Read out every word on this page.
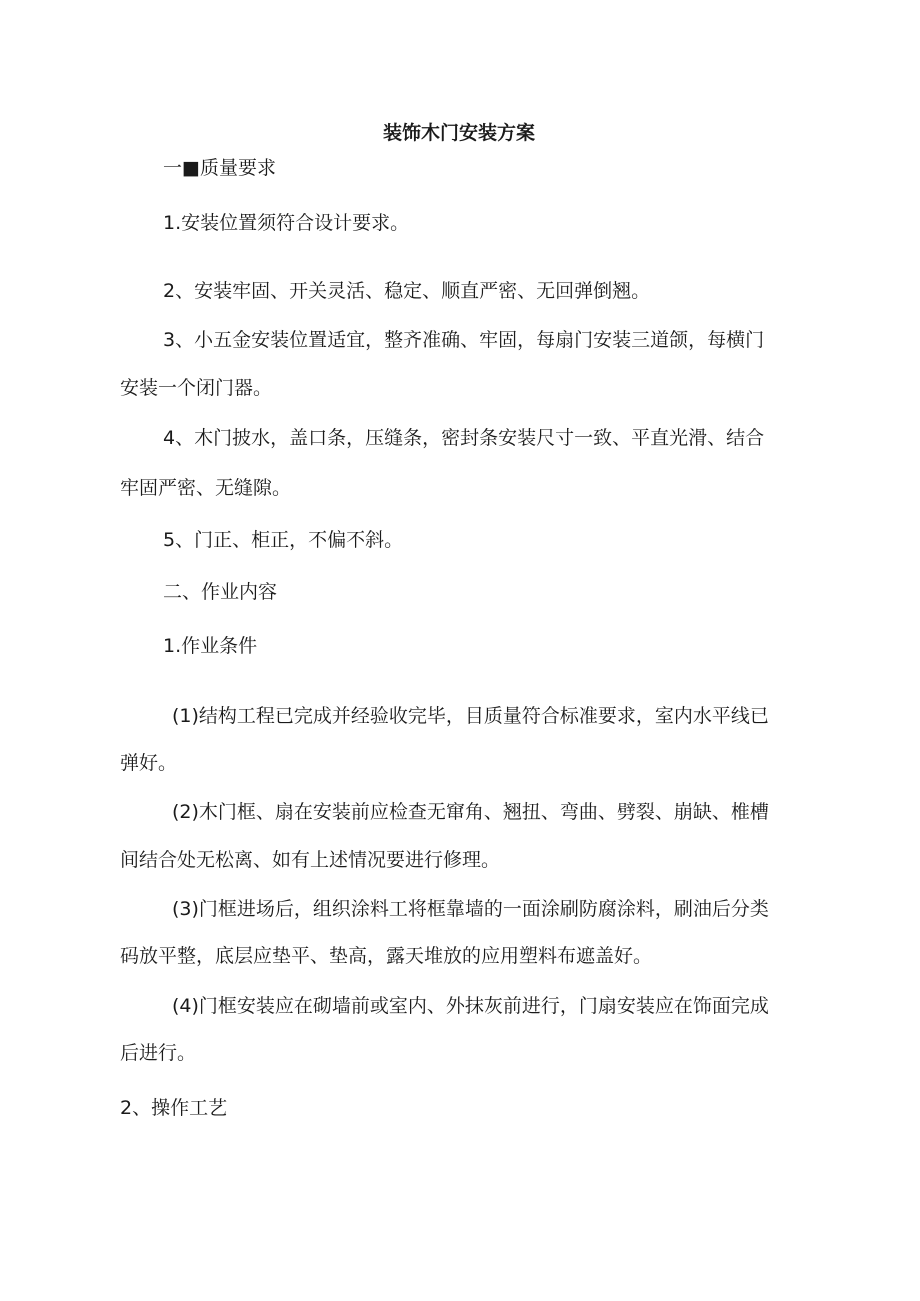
装饰木门安装方案

一■质量要求

1.安装位置须符合设计要求。

2、安装牢固、开关灵活、稳定、顺直严密、无回弹倒翘。

3、小五金安装位置适宜，整齐准确、牢固，每扇门安装三道颌，每横门

安装一个闭门器。

4、木门披水，盖口条，压缝条，密封条安装尺寸一致、平直光滑、结合

牢固严密、无缝隙。

5、门正、柜正，不偏不斜。

二、作业内容

1.作业条件

(1)结构工程已完成并经验收完毕，目质量符合标准要求，室内水平线已

弹好。

(2)木门框、扇在安装前应检查无窜角、翘扭、弯曲、劈裂、崩缺、椎槽

间结合处无松离、如有上述情况要进行修理。

(3)门框进场后，组织涂料工将框靠墙的一面涂刷防腐涂料，刷油后分类

码放平整，底层应垫平、垫高，露天堆放的应用塑料布遮盖好。

(4)门框安装应在砌墙前或室内、外抹灰前进行，门扇安装应在饰面完成

后进行。

2、操作工艺
